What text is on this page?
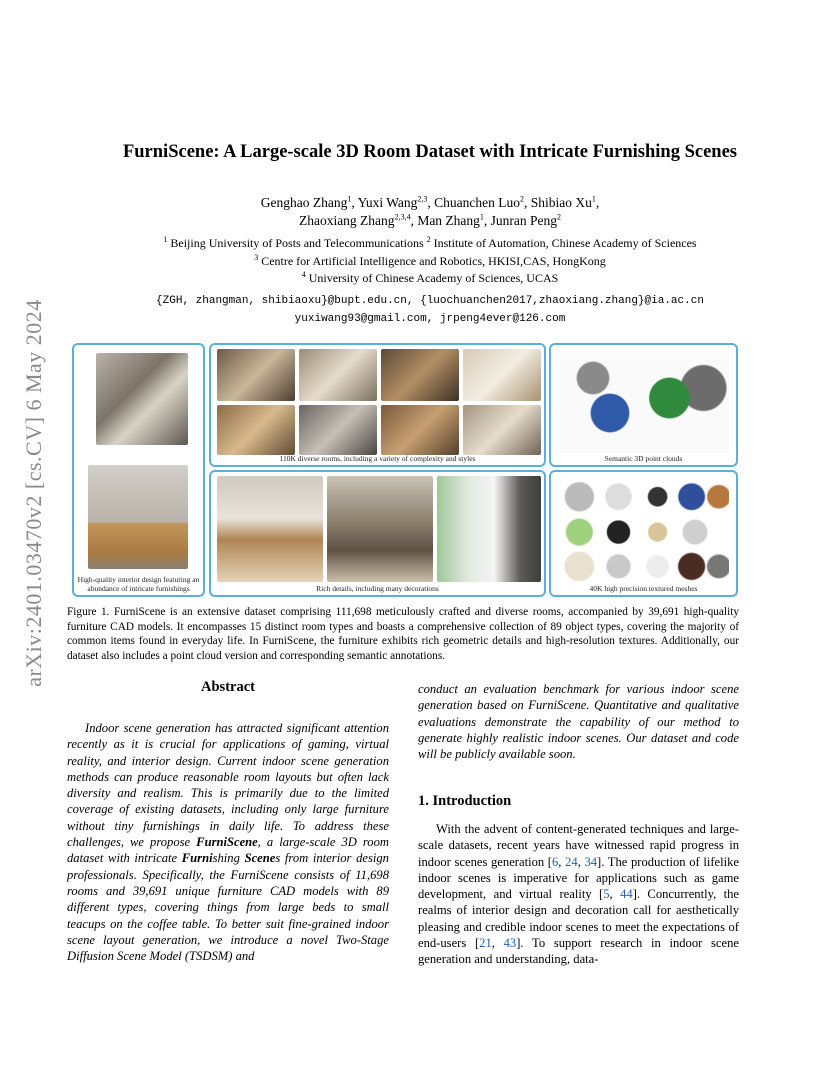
arXiv:2401.03470v2 [cs.CV] 6 May 2024
FurniScene: A Large-scale 3D Room Dataset with Intricate Furnishing Scenes
Genghao Zhang$^1$, Yuxi Wang$^{2,3}$, Chuanchen Luo$^2$, Shibiao Xu$^1$,
Zhaoxiang Zhang$^{2,3,4}$, Man Zhang$^1$, Junran Peng$^2$
$^1$ Beijing University of Posts and Telecommunications $^2$ Institute of Automation, Chinese Academy of Sciences
$^3$ Centre for Artificial Intelligence and Robotics, HKISI,CAS, HongKong
$^4$ University of Chinese Academy of Sciences, UCAS
{ZGH, zhangman, shibiaoxu}@bupt.edu.cn, {luochuanchen2017,zhaoxiang.zhang}@ia.ac.cn
yuxiwang93@gmail.com, jrpeng4ever@126.com
High-quality interior design featuring an abundance of intricate furnishings
110K diverse rooms, including a variety of complexity and styles	Semantic 3D point clouds
Rich details, including many decorations	40K high precision textured meshes
Figure 1. FurniScene is an extensive dataset comprising 111,698 meticulously crafted and diverse rooms, accompanied by 39,691 high-quality furniture CAD models. It encompasses 15 distinct room types and boasts a comprehensive collection of 89 object types, covering the majority of common items found in everyday life. In FurniScene, the furniture exhibits rich geometric details and high-resolution textures. Additionally, our dataset also includes a point cloud version and corresponding semantic annotations.
Abstract
Indoor scene generation has attracted significant attention recently as it is crucial for applications of gaming, virtual reality, and interior design. Current indoor scene generation methods can produce reasonable room layouts but often lack diversity and realism. This is primarily due to the limited coverage of existing datasets, including only large furniture without tiny furnishings in daily life. To address these challenges, we propose FurniScene, a large-scale 3D room dataset with intricate Furnishing Scenes from interior design professionals. Specifically, the FurniScene consists of 11,698 rooms and 39,691 unique furniture CAD models with 89 different types, covering things from large beds to small teacups on the coffee table. To better suit fine-grained indoor scene layout generation, we introduce a novel Two-Stage Diffusion Scene Model (TSDSM) and
conduct an evaluation benchmark for various indoor scene generation based on FurniScene. Quantitative and qualitative evaluations demonstrate the capability of our method to generate highly realistic indoor scenes. Our dataset and code will be publicly available soon.
1. Introduction
With the advent of content-generated techniques and large-scale datasets, recent years have witnessed rapid progress in indoor scenes generation [6, 24, 34]. The production of lifelike indoor scenes is imperative for applications such as game development, and virtual reality [5, 44]. Concurrently, the realms of interior design and decoration call for aesthetically pleasing and credible indoor scenes to meet the expectations of end-users [21, 43]. To support research in indoor scene generation and understanding, data-
